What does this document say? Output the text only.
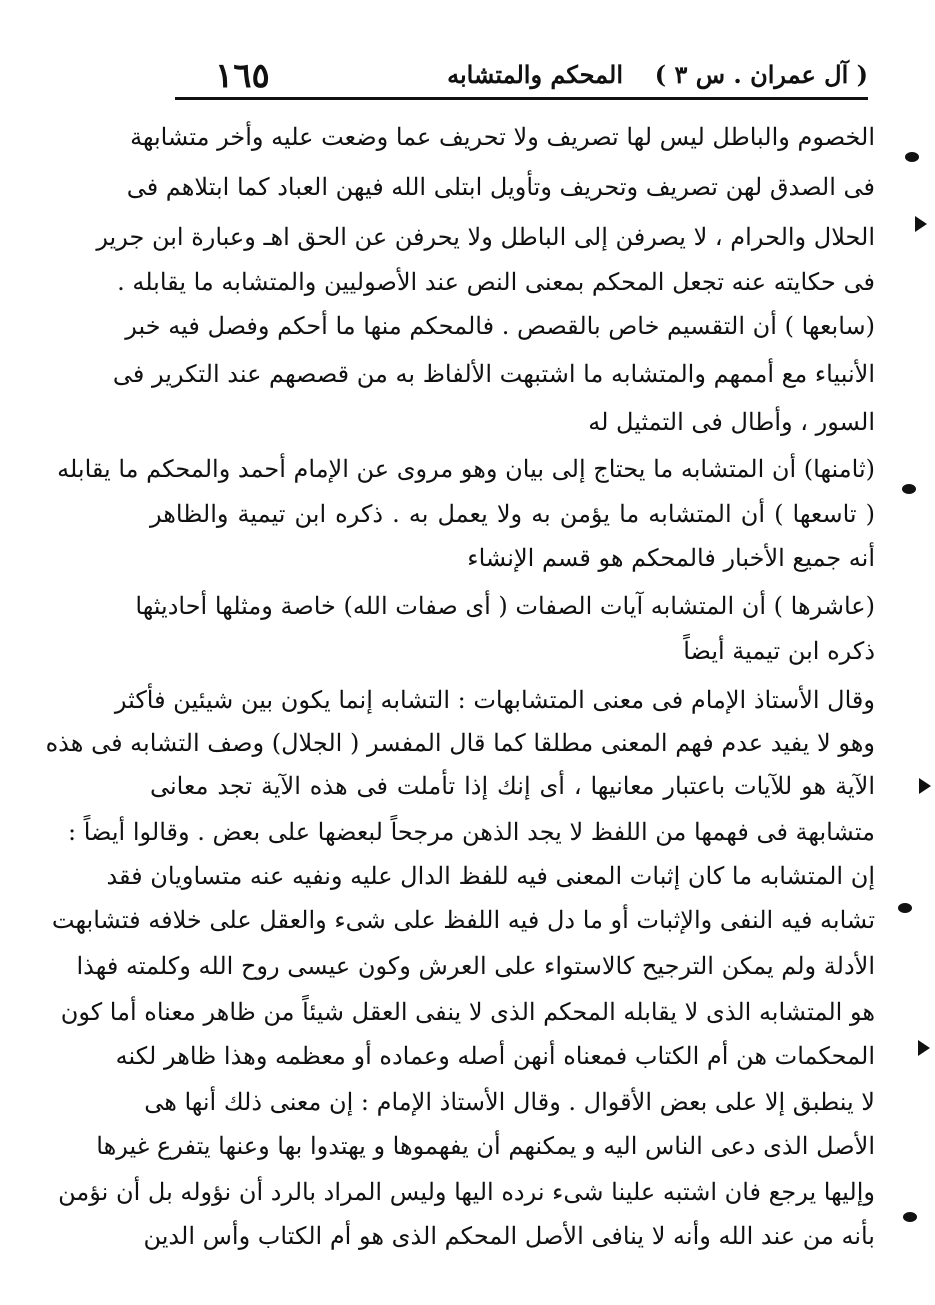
( آل عمران . س ٣ )
المحكم والمتشابه
١٦٥
الخصوم والباطل ليس لها تصريف ولا تحريف عما وضعت عليه وأخر متشابهة
فى الصدق لهن تصريف وتحريف وتأويل ابتلى الله فيهن العباد كما ابتلاهم فى
الحلال والحرام ، لا يصرفن إلى الباطل ولا يحرفن عن الحق اهـ وعبارة ابن جرير
فى حكايته عنه تجعل المحكم بمعنى النص عند الأصوليين والمتشابه ما يقابله .
(سابعها ) أن التقسيم خاص بالقصص . فالمحكم منها ما أحكم وفصل فيه خبر
الأنبياء مع أممهم والمتشابه ما اشتبهت الألفاظ به من قصصهم عند التكرير فى
السور ، وأطال فى التمثيل له
(ثامنها) أن المتشابه ما يحتاج إلى بيان وهو مروى عن الإمام أحمد والمحكم ما يقابله
( تاسعها ) أن المتشابه ما يؤمن به ولا يعمل به . ذكره ابن تيمية والظاهر
أنه جميع الأخبار فالمحكم هو قسم الإنشاء
(عاشرها ) أن المتشابه آيات الصفات ( أى صفات الله) خاصة ومثلها أحاديثها
ذكره ابن تيمية أيضاً
وقال الأستاذ الإمام فى معنى المتشابهات : التشابه إنما يكون بين شيئين فأكثر
وهو لا يفيد عدم فهم المعنى مطلقا كما قال المفسر ( الجلال) وصف التشابه فى هذه
الآية هو للآيات باعتبار معانيها ، أى إنك إذا تأملت فى هذه الآية تجد معانى
متشابهة فى فهمها من اللفظ لا يجد الذهن مرجحاً لبعضها على بعض . وقالوا أيضاً :
إن المتشابه ما كان إثبات المعنى فيه للفظ الدال عليه ونفيه عنه متساويان فقد
تشابه فيه النفى والإثبات أو ما دل فيه اللفظ على شىء والعقل على خلافه فتشابهت
الأدلة ولم يمكن الترجيح كالاستواء على العرش وكون عيسى روح الله وكلمته فهذا
هو المتشابه الذى لا يقابله المحكم الذى لا ينفى العقل شيئاً من ظاهر معناه أما كون
المحكمات هن أم الكتاب فمعناه أنهن أصله وعماده أو معظمه وهذا ظاهر لكنه
لا ينطبق إلا على بعض الأقوال . وقال الأستاذ الإمام : إن معنى ذلك أنها هى
الأصل الذى دعى الناس اليه و يمكنهم أن يفهموها و يهتدوا بها وعنها يتفرع غيرها
وإليها يرجع فان اشتبه علينا شىء نرده اليها وليس المراد بالرد أن نؤوله بل أن نؤمن
بأنه من عند الله وأنه لا ينافى الأصل المحكم الذى هو أم الكتاب وأس الدين
